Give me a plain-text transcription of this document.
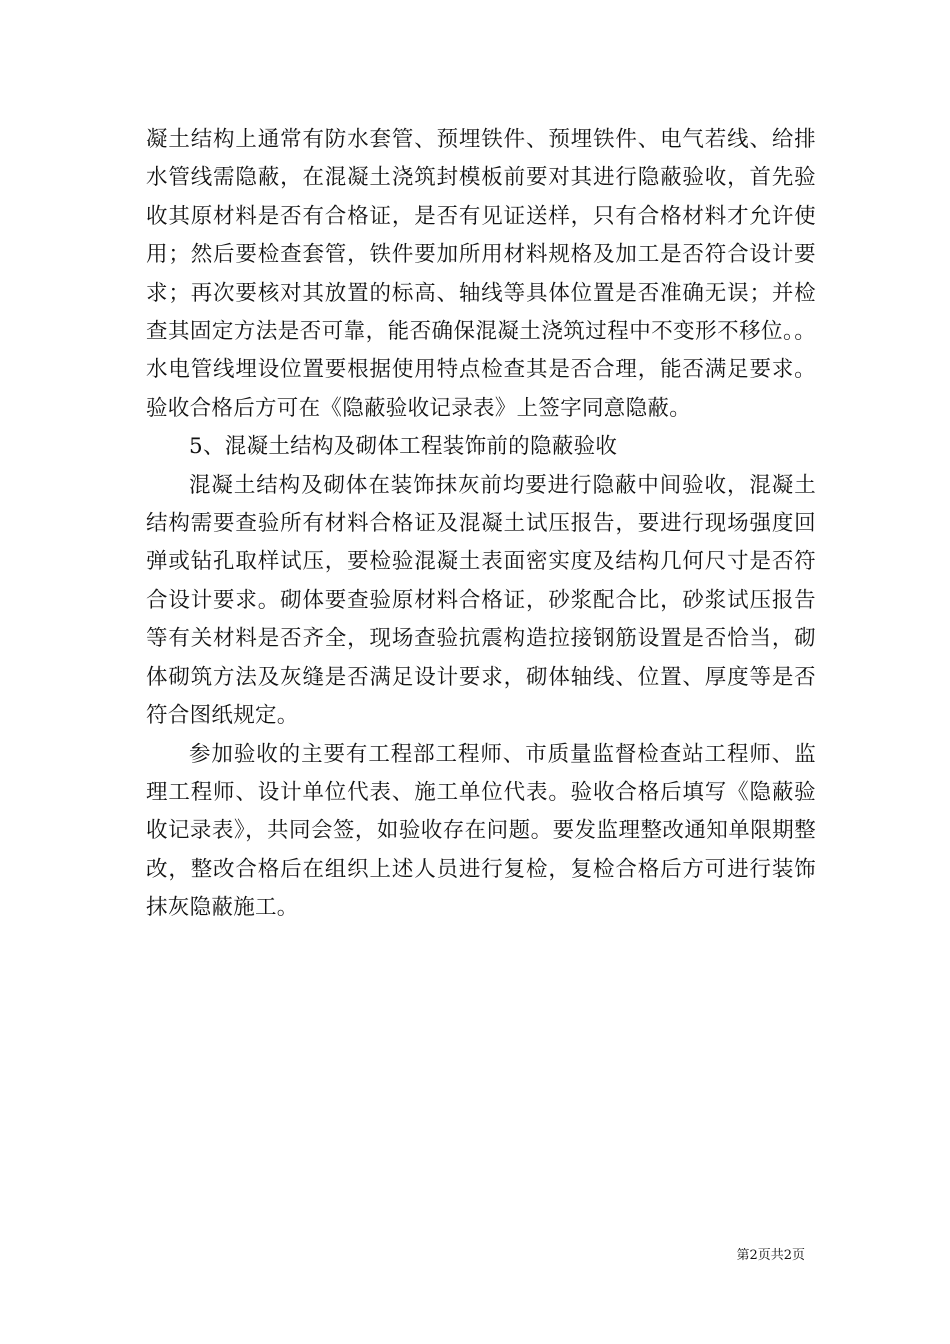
凝土结构上通常有防水套管、预埋铁件、预埋铁件、电气若线、给排水管线需隐蔽，在混凝土浇筑封模板前要对其进行隐蔽验收，首先验收其原材料是否有合格证，是否有见证送样，只有合格材料才允许使用；然后要检查套管，铁件要加所用材料规格及加工是否符合设计要求；再次要核对其放置的标高、轴线等具体位置是否准确无误；并检查其固定方法是否可靠，能否确保混凝土浇筑过程中不变形不移位。。水电管线埋设位置要根据使用特点检查其是否合理，能否满足要求。验收合格后方可在《隐蔽验收记录表》上签字同意隐蔽。

5、混凝土结构及砌体工程装饰前的隐蔽验收

混凝土结构及砌体在装饰抹灰前均要进行隐蔽中间验收，混凝土结构需要查验所有材料合格证及混凝土试压报告，要进行现场强度回弹或钻孔取样试压，要检验混凝土表面密实度及结构几何尺寸是否符合设计要求。砌体要查验原材料合格证，砂浆配合比，砂浆试压报告等有关材料是否齐全，现场查验抗震构造拉接钢筋设置是否恰当，砌体砌筑方法及灰缝是否满足设计要求，砌体轴线、位置、厚度等是否符合图纸规定。

参加验收的主要有工程部工程师、市质量监督检查站工程师、监理工程师、设计单位代表、施工单位代表。验收合格后填写《隐蔽验收记录表》，共同会签，如验收存在问题。要发监理整改通知单限期整改，整改合格后在组织上述人员进行复检，复检合格后方可进行装饰抹灰隐蔽施工。

第2页共2页
